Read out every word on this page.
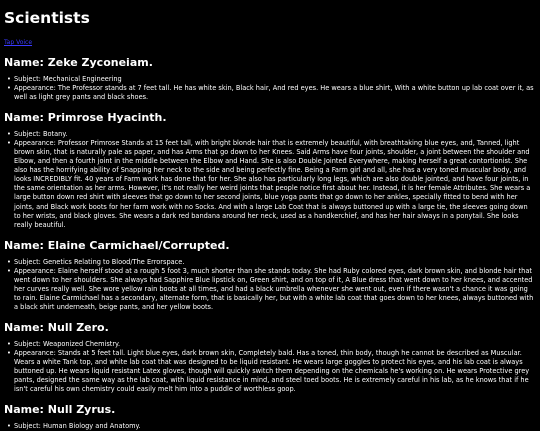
Scientists
Tap Voice
Name: Zeke Zyconeiam.
• Subject: Mechanical Engineering
• Appearance: The Professor stands at 7 feet tall. He has white skin, Black hair, And red eyes. He wears a blue shirt, With a white button up lab coat over it, as well as light grey pants and black shoes.
Name: Primrose Hyacinth.
• Subject: Botany.
• Appearance: Professor Primrose Stands at 15 feet tall, with bright blonde hair that is extremely beautiful, with breathtaking blue eyes, and, Tanned, light brown skin, that is naturally pale as paper, and has Arms that go down to her Knees. Said Arms have four joints, shoulder, a joint between the shoulder and Elbow, and then a fourth joint in the middle between the Elbow and Hand. She is also Double Jointed Everywhere, making herself a great contortionist. She also has the horrifying ability of Snapping her neck to the side and being perfectly fine. Being a Farm girl and all, she has a very toned muscular body, and looks INCREDIBLY fit. 40 years of Farm work has done that for her. She also has particularly long legs, which are also double jointed, and have four joints, in the same orientation as her arms. However, it's not really her weird joints that people notice first about her. Instead, it is her female Attributes. She wears a large button down red shirt with sleeves that go down to her second joints, blue yoga pants that go down to her ankles, specially fitted to bend with her joints, and Black work boots for her farm work with no Socks. And with a large Lab Coat that is always buttoned up with a large tie, the sleeves going down to her wrists, and black gloves. She wears a dark red bandana around her neck, used as a handkerchief, and has her hair always in a ponytail. She looks really beautiful.
Name: Elaine Carmichael/Corrupted.
• Subject: Genetics Relating to Blood/The Errorspace.
• Appearance: Elaine herself stood at a rough 5 foot 3, much shorter than she stands today. She had Ruby colored eyes, dark brown skin, and blonde hair that went down to her shoulders. She always had Sapphire Blue lipstick on, Green shirt, and on top of it, A Blue dress that went down to her knees, and accented her curves really well. She wore yellow rain boots at all times, and had a black umbrella whenever she went out, even if there wasn't a chance it was going to rain. Elaine Carmichael has a secondary, alternate form, that is basically her, but with a white lab coat that goes down to her knees, always buttoned with a black shirt underneath, beige pants, and her yellow boots.
Name: Null Zero.
• Subject: Weaponized Chemistry.
• Appearance: Stands at 5 feet tall. Light blue eyes, dark brown skin, Completely bald. Has a toned, thin body, though he cannot be described as Muscular. Wears a white Tank top, and white lab coat that was designed to be liquid resistant. He wears large goggles to protect his eyes, and his lab coat is always buttoned up. He wears liquid resistant Latex gloves, though will quickly switch them depending on the chemicals he's working on. He wears Protective grey pants, designed the same way as the lab coat, with liquid resistance in mind, and steel toed boots. He is extremely careful in his lab, as he knows that if he isn't careful his own chemistry could easily melt him into a puddle of worthless goop.
Name: Null Zyrus.
• Subject: Human Biology and Anatomy.
